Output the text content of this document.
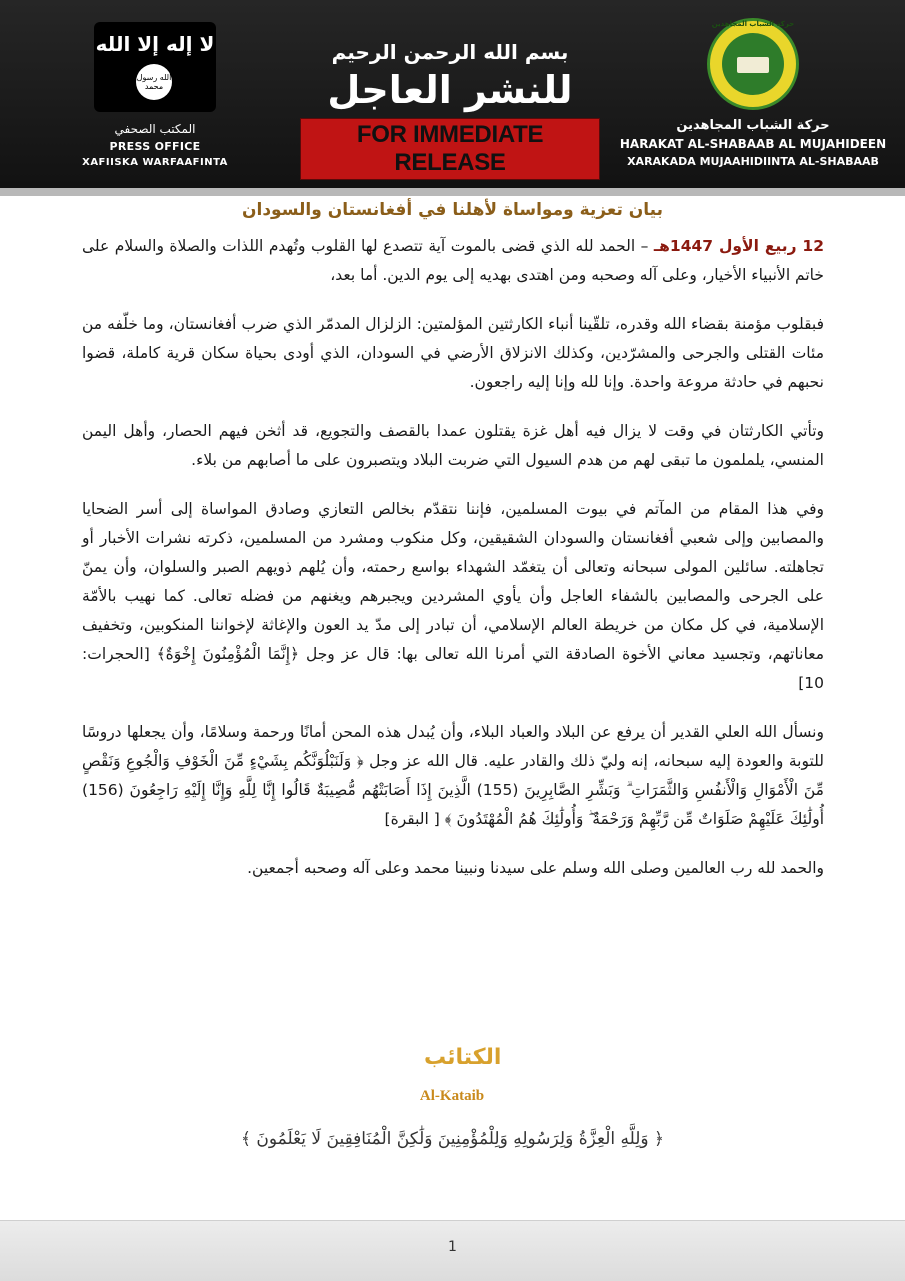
لا إله إلا الله
الله رسول محمد
المكتب الصحفي
PRESS OFFICE
XAFIISKA WARFAAFINTA
بسم الله الرحمن الرحيم
للنشر العاجل
FOR IMMEDIATE RELEASE
حركة الشباب المجاهدين
حركة الشباب المجاهدين
HARAKAT AL-SHABAAB AL MUJAHIDEEN
XARAKADA MUJAAHIDIINTA AL-SHABAAB
بيان تعزية ومواساة لأهلنا في أفغانستان والسودان

12 ربيع الأول 1447هـ – الحمد لله الذي قضى بالموت آية تتصدع لها القلوب وتُهدم اللذات والصلاة والسلام على خاتم الأنبياء الأخيار، وعلى آله وصحبه ومن اهتدى بهديه إلى يوم الدين. أما بعد،

فبقلوب مؤمنة بقضاء الله وقدره، تلقّينا أنباء الكارثتين المؤلمتين: الزلزال المدمّر الذي ضرب أفغانستان، وما خلّفه من مئات القتلى والجرحى والمشرّدين، وكذلك الانزلاق الأرضي في السودان، الذي أودى بحياة سكان قرية كاملة، قضوا نحبهم في حادثة مروعة واحدة. وإنا لله وإنا إليه راجعون.

وتأتي الكارثتان في وقت لا يزال فيه أهل غزة يقتلون عمدا بالقصف والتجويع، قد أثخن فيهم الحصار، وأهل اليمن المنسي، يلملمون ما تبقى لهم من هدم السيول التي ضربت البلاد ويتصبرون على ما أصابهم من بلاء.

وفي هذا المقام من المآتم في بيوت المسلمين، فإننا نتقدّم بخالص التعازي وصادق المواساة إلى أسر الضحايا والمصابين وإلى شعبي أفغانستان والسودان الشقيقين، وكل منكوب ومشرد من المسلمين، ذكرته نشرات الأخبار أو تجاهلته. سائلين المولى سبحانه وتعالى أن يتغمّد الشهداء بواسع رحمته، وأن يُلهم ذويهم الصبر والسلوان، وأن يمنّ على الجرحى والمصابين بالشفاء العاجل وأن يأوي المشردين ويجبرهم ويغنهم من فضله تعالى. كما نهيب بالأمّة الإسلامية، في كل مكان من خريطة العالم الإسلامي، أن تبادر إلى مدّ يد العون والإغاثة لإخواننا المنكوبين، وتخفيف معاناتهم، وتجسيد معاني الأخوة الصادقة التي أمرنا الله تعالى بها: قال عز وجل ﴿إِنَّمَا الْمُؤْمِنُونَ إِخْوَةٌ﴾ [الحجرات: 10]

ونسأل الله العلي القدير أن يرفع عن البلاد والعباد البلاء، وأن يُبدل هذه المحن أمانًا ورحمة وسلامًا، وأن يجعلها دروسًا للتوبة والعودة إليه سبحانه، إنه وليّ ذلك والقادر عليه. قال الله عز وجل ﴿ وَلَنَبْلُوَنَّكُم بِشَيْءٍ مِّنَ الْخَوْفِ وَالْجُوعِ وَنَقْصٍ مِّنَ الْأَمْوَالِ وَالْأَنفُسِ وَالثَّمَرَاتِ ۗ وَبَشِّرِ الصَّابِرِينَ (155) الَّذِينَ إِذَا أَصَابَتْهُم مُّصِيبَةٌ قَالُوا إِنَّا لِلَّهِ وَإِنَّا إِلَيْهِ رَاجِعُونَ (156) أُولَٰئِكَ عَلَيْهِمْ صَلَوَاتٌ مِّن رَّبِّهِمْ وَرَحْمَةٌ ۖ وَأُولَٰئِكَ هُمُ الْمُهْتَدُونَ ﴾ [ البقرة]

والحمد لله رب العالمين وصلى الله وسلم على سيدنا ونبينا محمد وعلى آله وصحبه أجمعين.

الكتائب
Al-Kataib
﴿ وَلِلَّهِ الْعِزَّةُ وَلِرَسُولِهِ وَلِلْمُؤْمِنِينَ وَلَٰكِنَّ الْمُنَافِقِينَ لَا يَعْلَمُونَ ﴾
1
